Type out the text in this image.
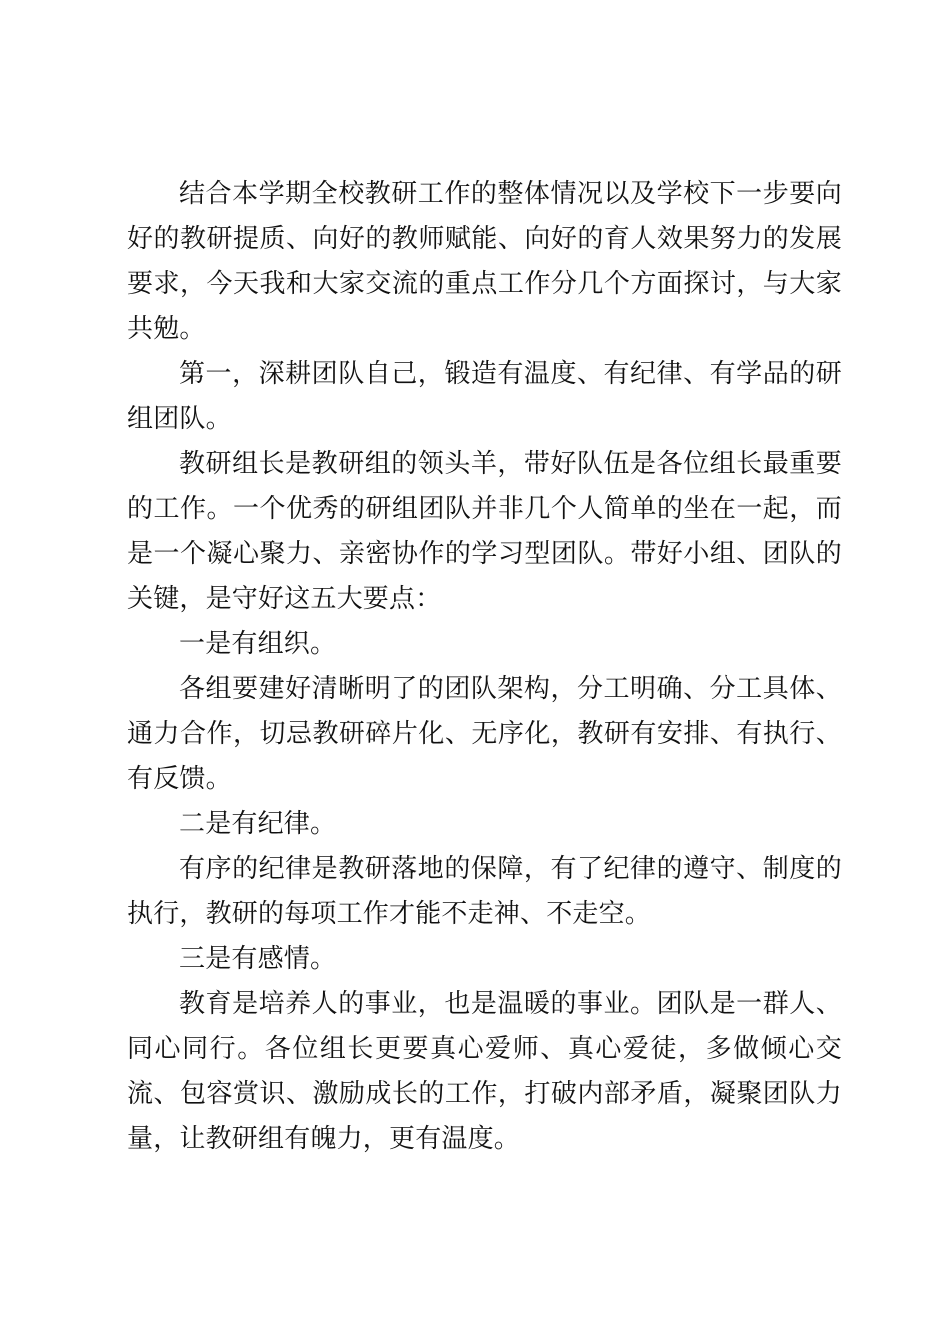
结合本学期全校教研工作的整体情况以及学校下一步要向好的教研提质、向好的教师赋能、向好的育人效果努力的发展要求，今天我和大家交流的重点工作分几个方面探讨，与大家共勉。

第一，深耕团队自己，锻造有温度、有纪律、有学品的研组团队。

教研组长是教研组的领头羊，带好队伍是各位组长最重要的工作。一个优秀的研组团队并非几个人简单的坐在一起，而是一个凝心聚力、亲密协作的学习型团队。带好小组、团队的关键，是守好这五大要点：

一是有组织。

各组要建好清晰明了的团队架构，分工明确、分工具体、通力合作，切忌教研碎片化、无序化，教研有安排、有执行、有反馈。

二是有纪律。

有序的纪律是教研落地的保障，有了纪律的遵守、制度的执行，教研的每项工作才能不走神、不走空。

三是有感情。

教育是培养人的事业，也是温暖的事业。团队是一群人、同心同行。各位组长更要真心爱师、真心爱徒，多做倾心交流、包容赏识、激励成长的工作，打破内部矛盾，凝聚团队力量，让教研组有魄力，更有温度。
